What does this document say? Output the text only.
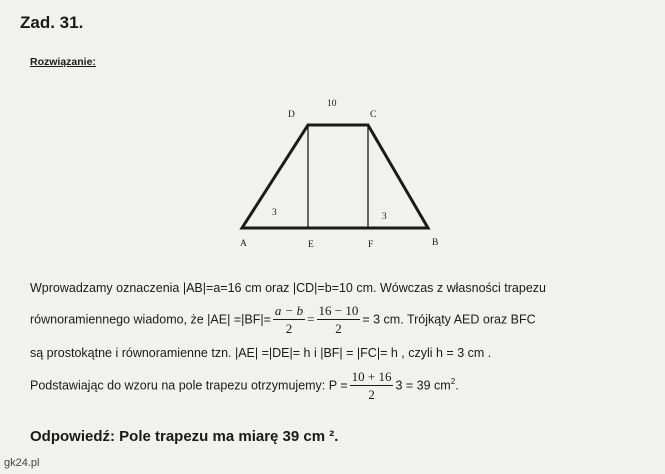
Zad. 31.
Rozwiązanie:
10
D	C
3	3
A	E	F	B
Wprowadzamy oznaczenia |AB|=a=16 cm oraz |CD|=b=10 cm. Wówczas z własności trapezu
równoramiennego wiadomo, że $|AE| =|BF|= \frac{a - b}{2} = \frac{16 - 10}{2} = 3$ cm. Trójkąty AED oraz BFC
są prostokątne i równoramienne tzn. |AE| =|DE|= h i |BF| = |FC|= h , czyli h = 3 cm .
Podstawiając do wzoru na pole trapezu otrzymujemy: $P = \frac{10 + 16}{2} 3 = 39$ $cm^2$.
Odpowiedź: Pole trapezu ma miarę 39 cm ².
gk24.pl
